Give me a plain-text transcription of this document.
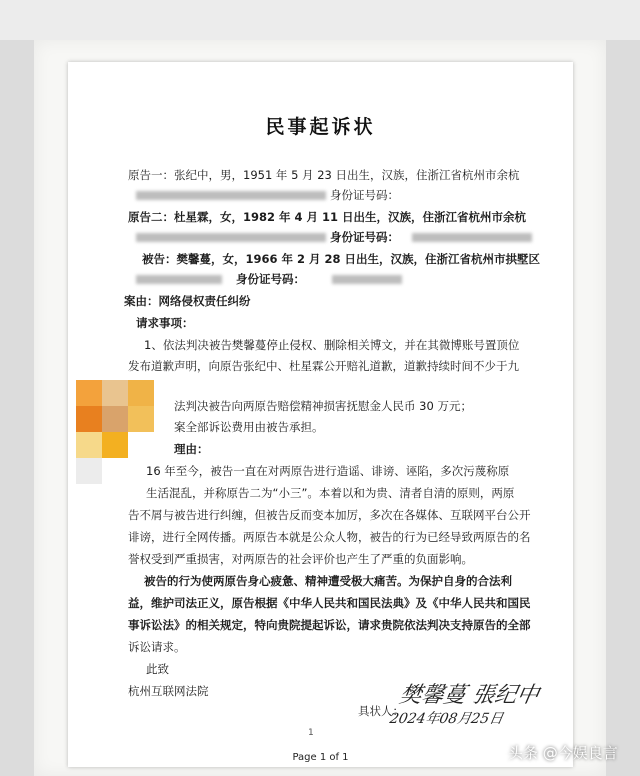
民事起诉状
原告一：张纪中，男，1951 年 5 月 23 日出生，汉族，住浙江省杭州市余杭
身份证号码：
原告二：杜星霖，女，1982 年 4 月 11 日出生，汉族，住浙江省杭州市余杭
身份证号码：
被告：樊馨蔓，女，1966 年 2 月 28 日出生，汉族，住浙江省杭州市拱墅区
身份证号码：
案由：网络侵权责任纠纷
请求事项：
1、依法判决被告樊馨蔓停止侵权、删除相关博文，并在其微博账号置顶位
发布道歉声明，向原告张纪中、杜星霖公开赔礼道歉，道歉持续时间不少于九
法判决被告向两原告赔偿精神损害抚慰金人民币 30 万元；
案全部诉讼费用由被告承担。
理由：
16 年至今，被告一直在对两原告进行造谣、诽谤、诬陷，多次污蔑称原
生活混乱，并称原告二为“小三”。本着以和为贵、清者自清的原则，两原
告不屑与被告进行纠缠，但被告反而变本加厉，多次在各媒体、互联网平台公开
诽谤，进行全网传播。两原告本就是公众人物，被告的行为已经导致两原告的名
誉权受到严重损害，对两原告的社会评价也产生了严重的负面影响。
被告的行为使两原告身心疲惫、精神遭受极大痛苦。为保护自身的合法利
益，维护司法正义，原告根据《中华人民共和国民法典》及《中华人民共和国民
事诉讼法》的相关规定，特向贵院提起诉讼，请求贵院依法判决支持原告的全部
诉讼请求。
此致
杭州互联网法院
具状人：
樊馨蔓 張纪中
2024年08月25日
Page 1 of 1
1
头条 @今娱良言
